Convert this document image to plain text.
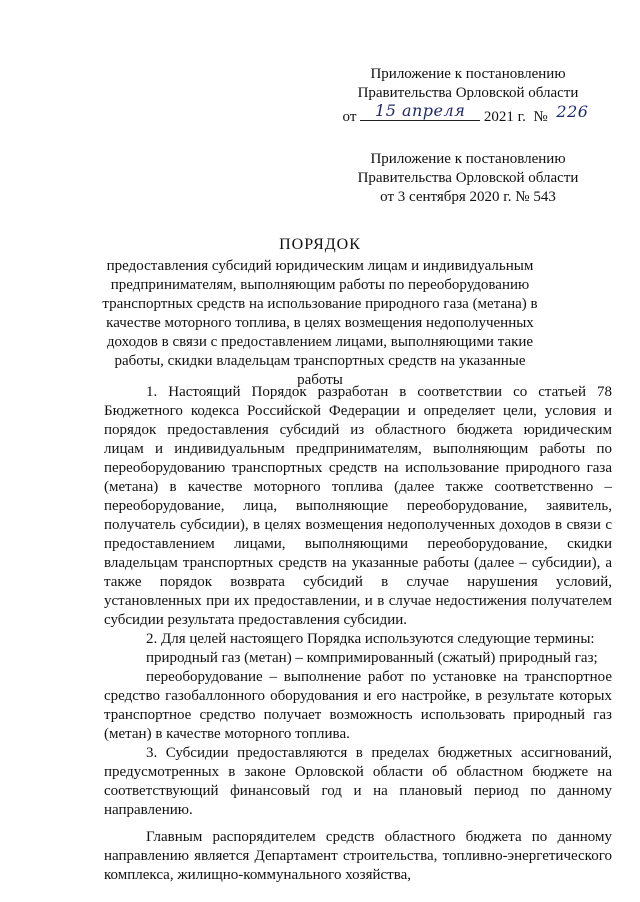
Приложение к постановлению
Правительства Орловской области
от	15 апреля	2021 г. № 226
Приложение к постановлению
Правительства Орловской области
от 3 сентября 2020 г. № 543
ПОРЯДОК
предоставления субсидий юридическим лицам и индивидуальным предпринимателям, выполняющим работы по переоборудованию транспортных средств на использование природного газа (метана) в качестве моторного топлива, в целях возмещения недополученных доходов в связи с предоставлением лицами, выполняющими такие работы, скидки владельцам транспортных средств на указанные работы

1. Настоящий Порядок разработан в соответствии со статьей 78 Бюджетного кодекса Российской Федерации и определяет цели, условия и порядок предоставления субсидий из областного бюджета юридическим лицам и индивидуальным предпринимателям, выполняющим работы по переоборудованию транспортных средств на использование природного газа (метана) в качестве моторного топлива (далее также соответственно – переоборудование, лица, выполняющие переоборудование, заявитель, получатель субсидии), в целях возмещения недополученных доходов в связи с предоставлением лицами, выполняющими переоборудование, скидки владельцам транспортных средств на указанные работы (далее – субсидии), а также порядок возврата субсидий в случае нарушения условий, установленных при их предоставлении, и в случае недостижения получателем субсидии результата предоставления субсидии.

2. Для целей настоящего Порядка используются следующие термины:

природный газ (метан) – компримированный (сжатый) природный газ;

переоборудование – выполнение работ по установке на транспортное средство газобаллонного оборудования и его настройке, в результате которых транспортное средство получает возможность использовать природный газ (метан) в качестве моторного топлива.

3. Субсидии предоставляются в пределах бюджетных ассигнований, предусмотренных в законе Орловской области об областном бюджете на соответствующий финансовый год и на плановый период по данному направлению.

Главным распорядителем средств областного бюджета по данному направлению является Департамент строительства, топливно-энергетического комплекса, жилищно-коммунального хозяйства,
